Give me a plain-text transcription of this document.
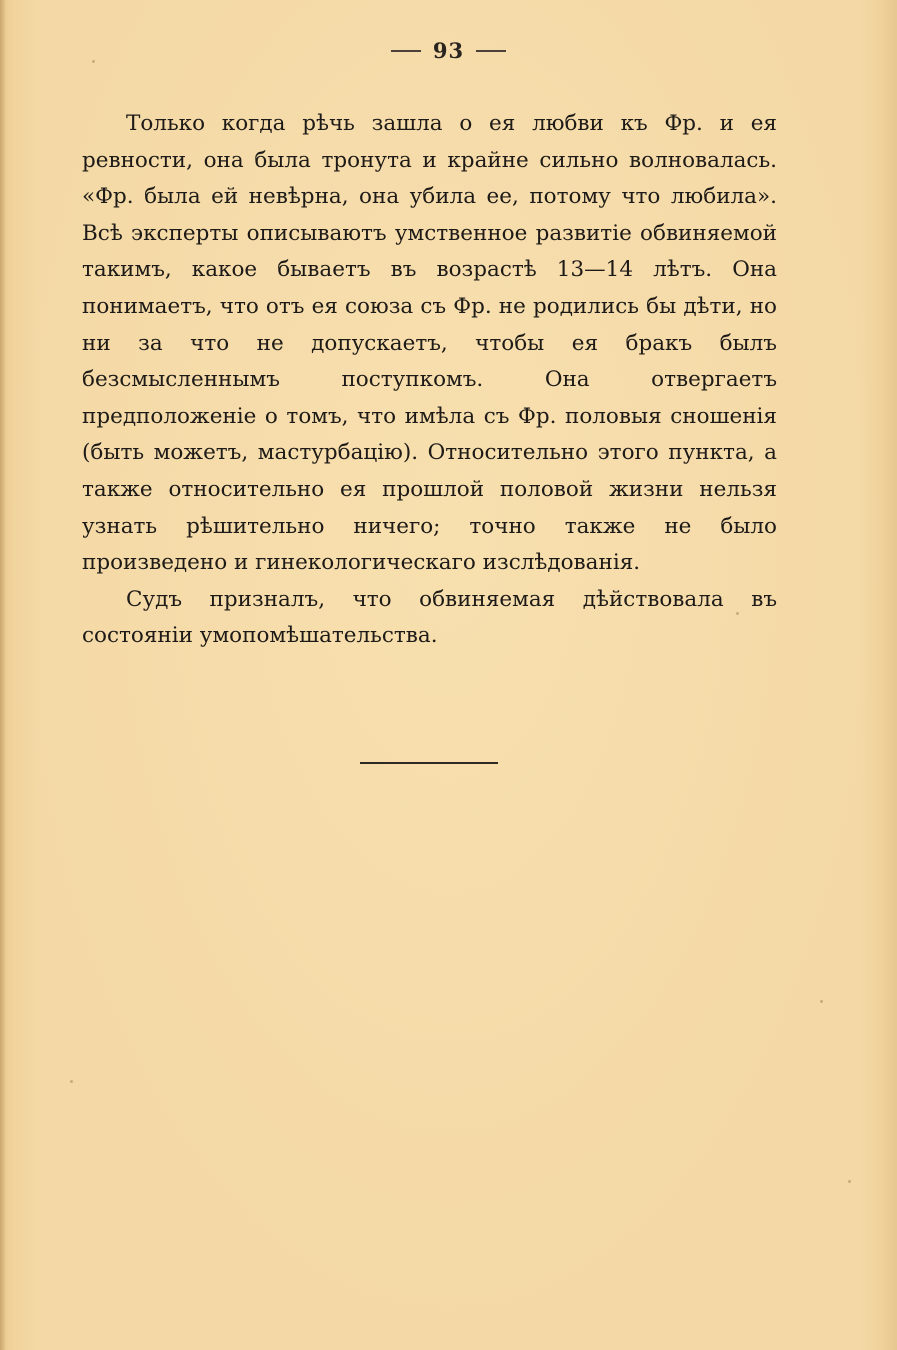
93

Только когда рѣчь зашла о ея любви къ Фр. и ея ревности, она была тронута и крайне сильно волновалась. «Фр. была ей невѣрна, она убила ее, потому что любила». Всѣ эксперты описываютъ умственное развитіе обвиняемой такимъ, какое бываетъ въ возрастѣ 13—14 лѣтъ. Она понимаетъ, что отъ ея союза съ Фр. не родились бы дѣти, но ни за что не допускаетъ, чтобы ея бракъ былъ безсмысленнымъ поступкомъ. Она отвергаетъ предположеніе о томъ, что имѣла съ Фр. половыя сношенія (быть можетъ, мастурбацію). Относительно этого пункта, а также относительно ея прошлой половой жизни нельзя узнать рѣшительно ничего; точно также не было произведено и гинекологическаго изслѣдованія.

Судъ призналъ, что обвиняемая дѣйствовала въ состояніи умопомѣшательства.
